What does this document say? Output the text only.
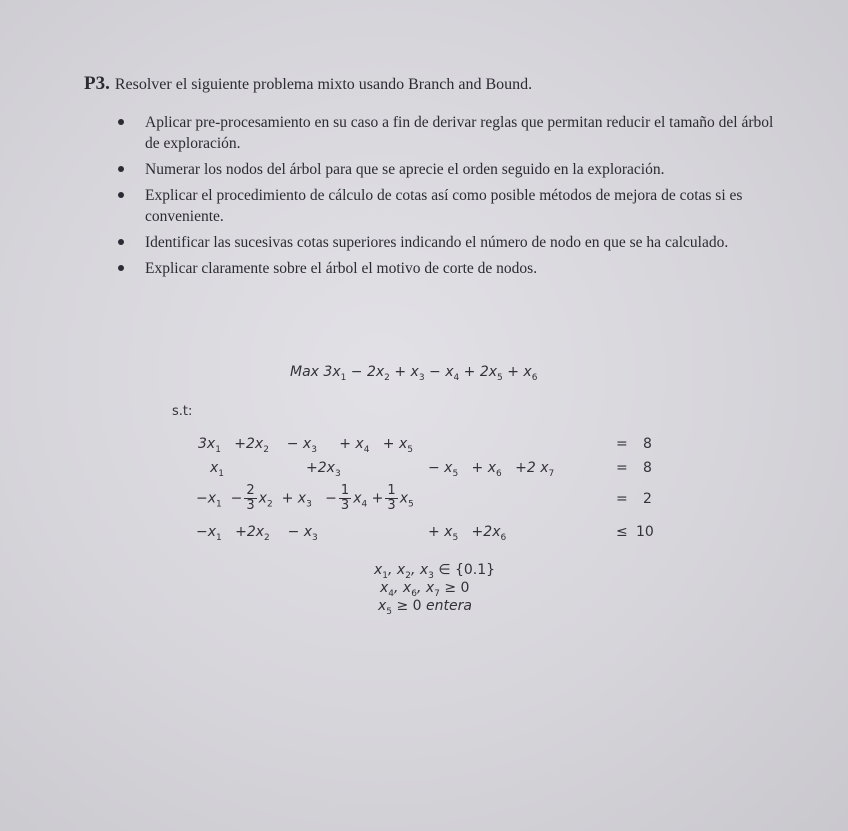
P3. Resolver el siguiente problema mixto usando Branch and Bound.
Aplicar pre-procesamiento en su caso a fin de derivar reglas que permitan reducir el tamaño del árbol de exploración.
Numerar los nodos del árbol para que se aprecie el orden seguido en la exploración.
Explicar el procedimiento de cálculo de cotas así como posible métodos de mejora de cotas si es conveniente.
Identificar las sucesivas cotas superiores indicando el número de nodo en que se ha calculado.
Explicar claramente sobre el árbol el motivo de corte de nodos.
Max $3x_1 - 2x_2 + x_3 - x_4 + 2x_5 + x_6$
s.t:
$3x_1 +2x_2$    − $x_3$     + $x_4 + x_5$	= 8
$x_1$	$+2x_3$	− $x_5 + x_6 +2$ $x_7$	= 8
$-x_1 - \frac{2}{3} x_2 + x_3 - \frac{1}{3} x_4 + \frac{1}{3} x_5$	= 2
$-x_1 +2x_2$    − $x_3$	+ $x_5 +2x_6$	≤ 10
$x_1$, $x_2$, $x_3$ ∈ {0.1}
$x_4$, $x_6$, $x_7 \ge 0$
$x_5 \ge 0$ entera
